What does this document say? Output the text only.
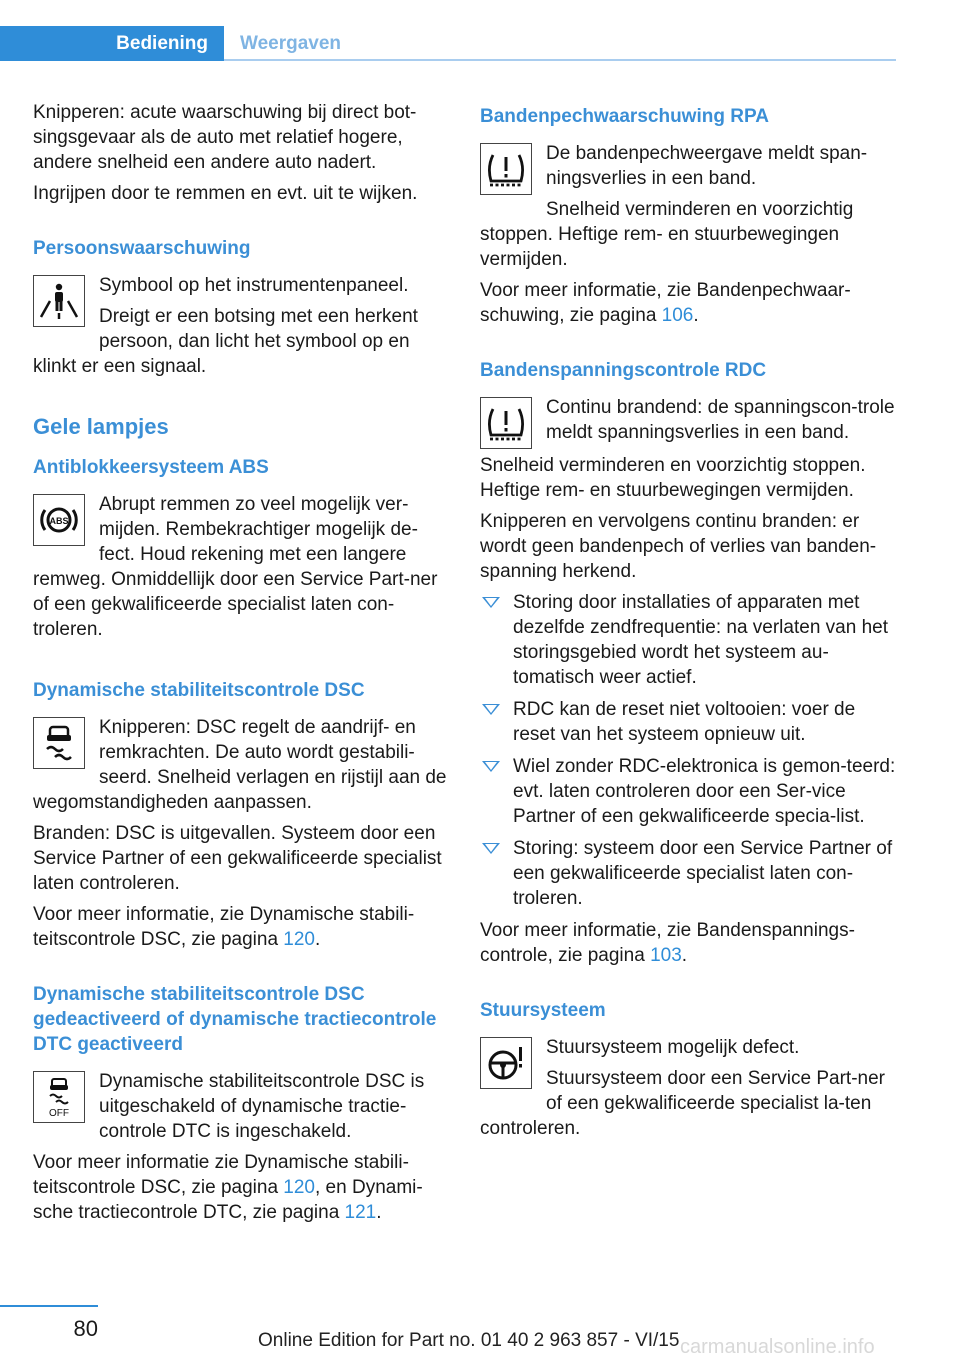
Bediening	Weergaven

Knipperen: acute waarschuwing bij direct bot-singsgevaar als de auto met relatief hogere, andere snelheid een andere auto nadert.

Ingrijpen door te remmen en evt. uit te wijken.

Persoonswaarschuwing

Symbool op het instrumentenpaneel.

Dreigt er een botsing met een herkent persoon, dan licht het symbool op en klinkt er een signaal.

Gele lampjes
Antiblokkeersysteem ABS
ABS

Abrupt remmen zo veel mogelijk ver-mijden. Rembekrachtiger mogelijk de-fect. Houd rekening met een langere remweg. Onmiddellijk door een Service Part-ner of een gekwalificeerde specialist laten con-troleren.

Dynamische stabiliteitscontrole DSC

Knipperen: DSC regelt de aandrijf- en remkrachten. De auto wordt gestabili-seerd. Snelheid verlagen en rijstijl aan de wegomstandigheden aanpassen.

Branden: DSC is uitgevallen. Systeem door een Service Partner of een gekwalificeerde specialist laten controleren.

Voor meer informatie, zie Dynamische stabili-teitscontrole DSC, zie pagina 120.

Dynamische stabiliteitscontrole DSC gedeactiveerd of dynamische tractiecontrole DTC geactiveerd
OFF

Dynamische stabiliteitscontrole DSC is uitgeschakeld of dynamische tractie-controle DTC is ingeschakeld.

Voor meer informatie zie Dynamische stabili-teitscontrole DSC, zie pagina 120, en Dynami-sche tractiecontrole DTC, zie pagina 121.

Bandenpechwaarschuwing RPA

De bandenpechweergave meldt span-ningsverlies in een band.

Snelheid verminderen en voorzichtig stoppen. Heftige rem- en stuurbewegingen vermijden.

Voor meer informatie, zie Bandenpechwaar-schuwing, zie pagina 106.

Bandenspanningscontrole RDC

Continu brandend: de spanningscon-trole meldt spanningsverlies in een band.

Snelheid verminderen en voorzichtig stoppen. Heftige rem- en stuurbewegingen vermijden.

Knipperen en vervolgens continu branden: er wordt geen bandenpech of verlies van banden-spanning herkend.

Storing door installaties of apparaten met dezelfde zendfrequentie: na verlaten van het storingsgebied wordt het systeem au-tomatisch weer actief.
RDC kan de reset niet voltooien: voer de reset van het systeem opnieuw uit.
Wiel zonder RDC-elektronica is gemon-teerd: evt. laten controleren door een Ser-vice Partner of een gekwalificeerde specia-list.
Storing: systeem door een Service Partner of een gekwalificeerde specialist laten con-troleren.

Voor meer informatie, zie Bandenspannings-controle, zie pagina 103.

Stuursysteem

Stuursysteem mogelijk defect.

Stuursysteem door een Service Part-ner of een gekwalificeerde specialist la-ten controleren.

80	Online Edition for Part no. 01 40 2 963 857 - VI/15 carmanualsonline.info
